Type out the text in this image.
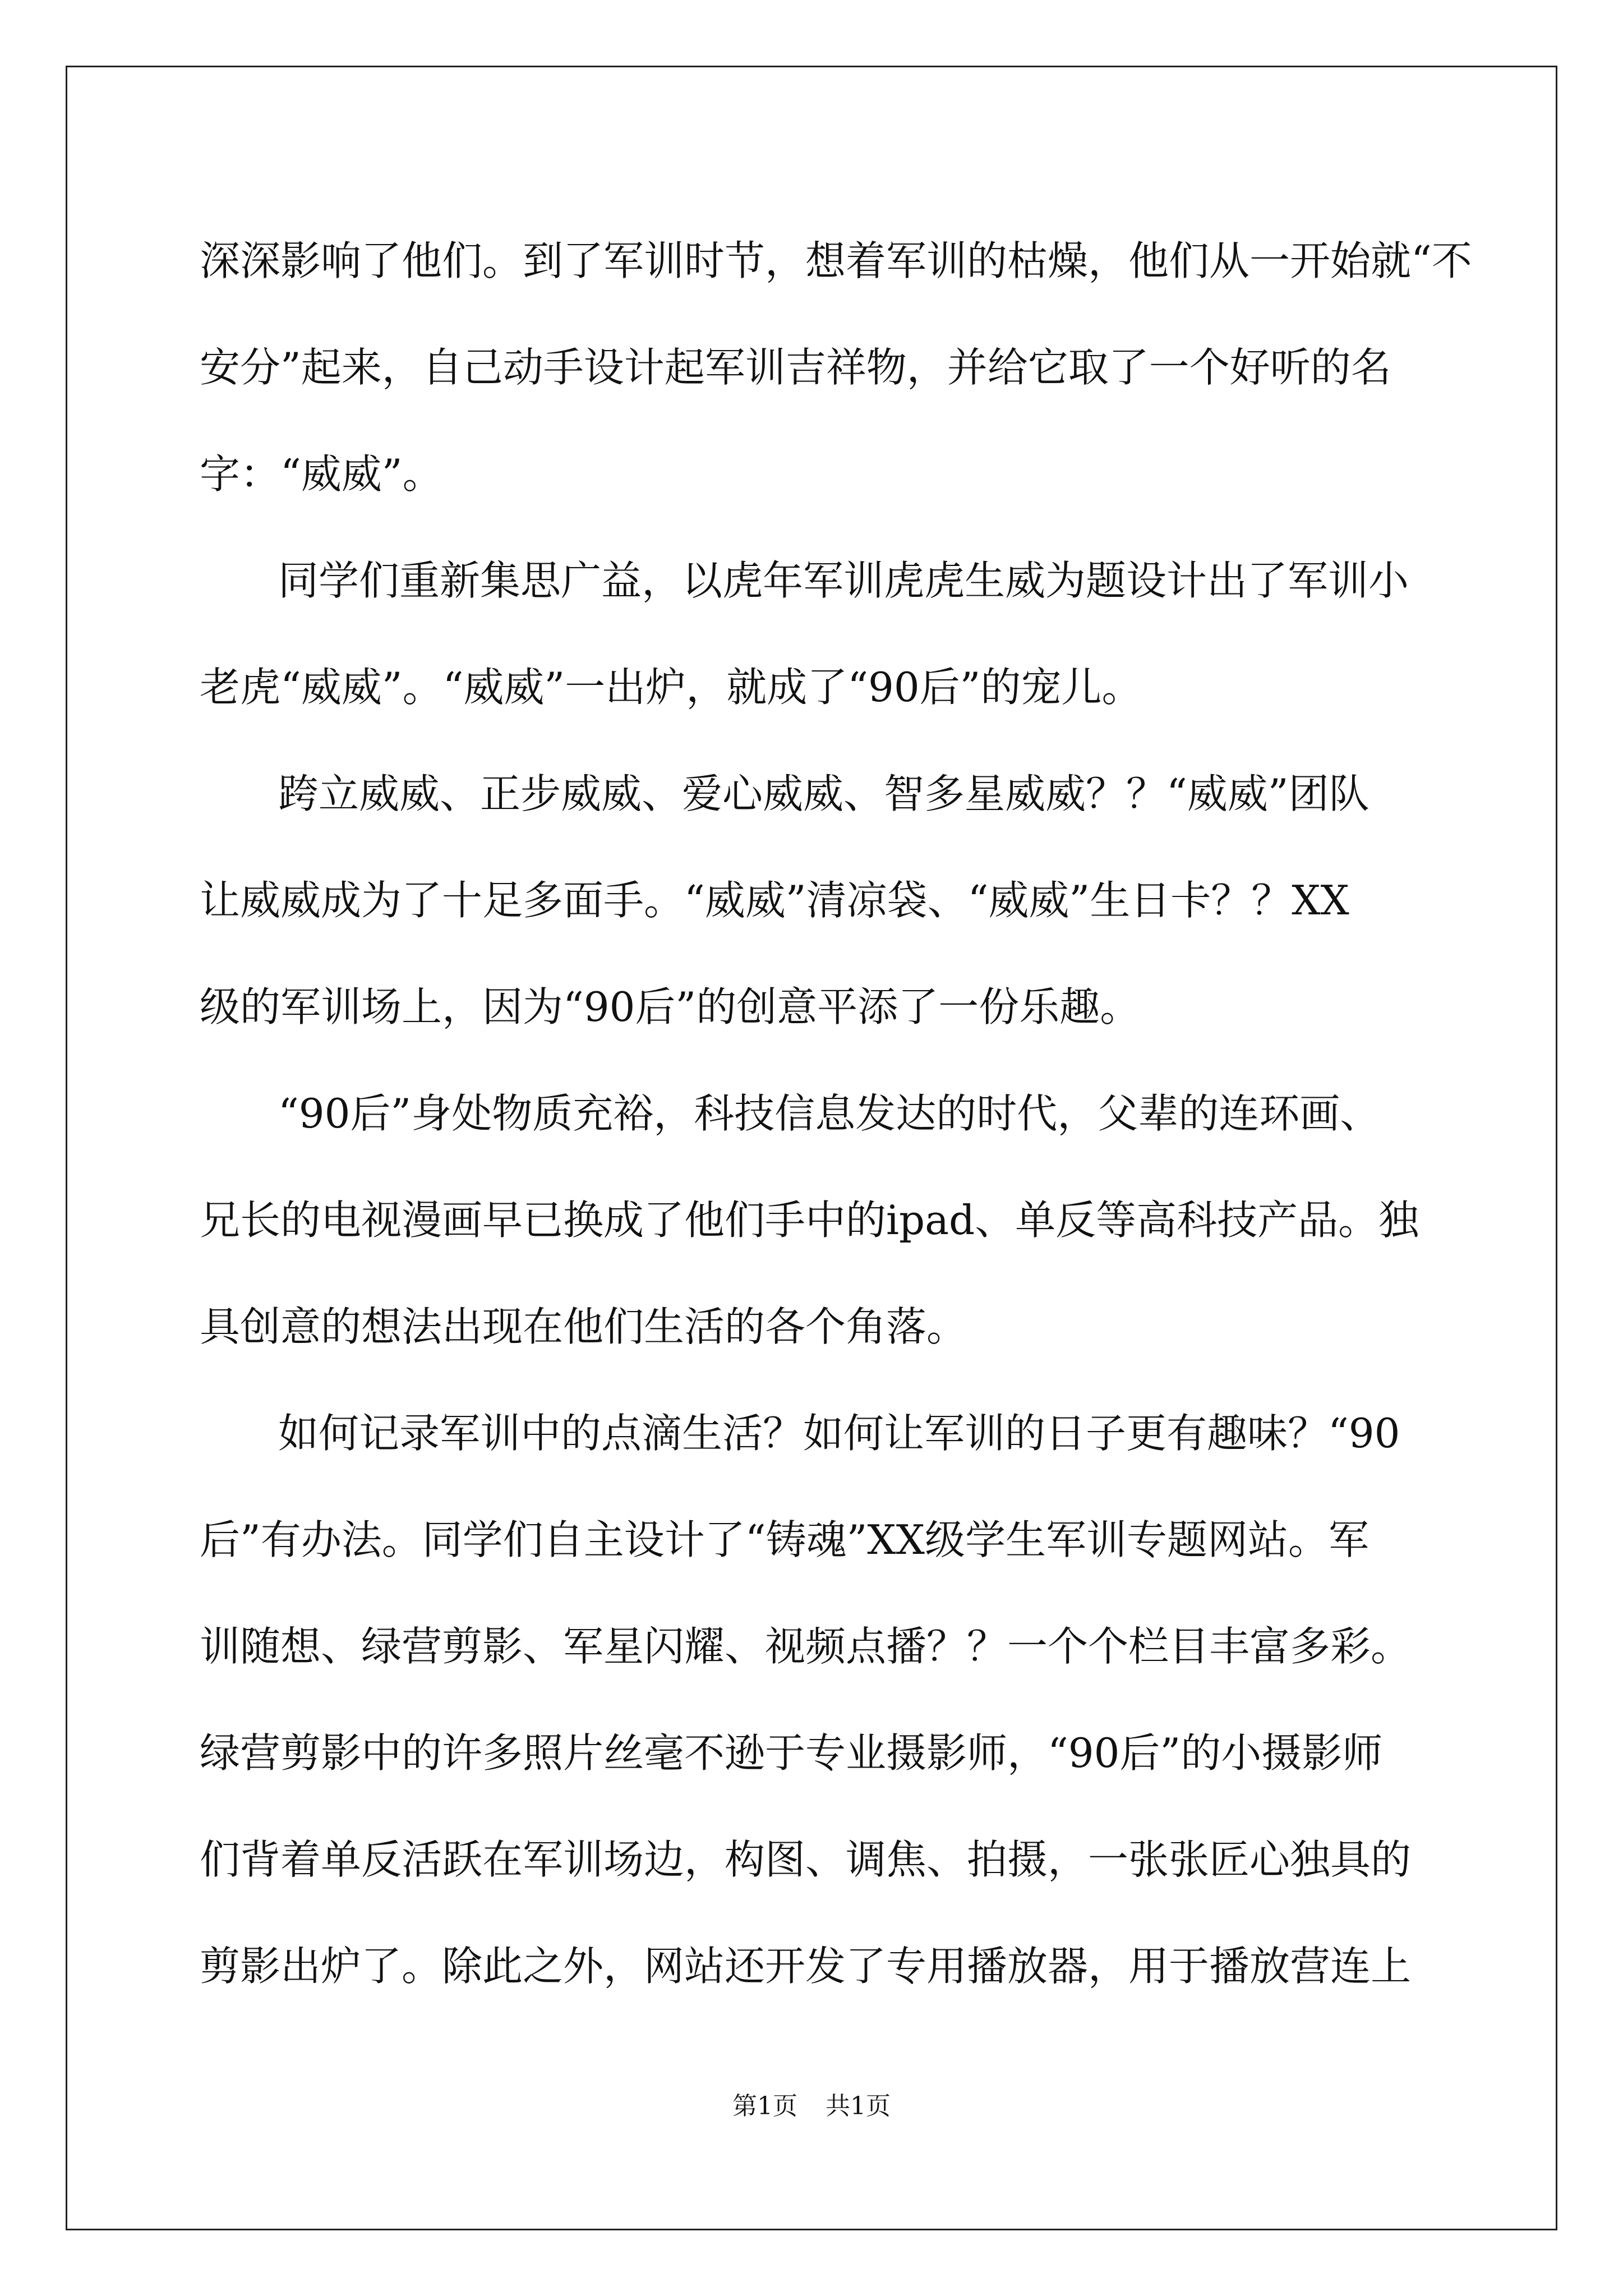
深深影响了他们。到了军训时节，想着军训的枯燥，他们从一开始就“不
安分”起来，自己动手设计起军训吉祥物，并给它取了一个好听的名
字：“威威”。
同学们重新集思广益，以虎年军训虎虎生威为题设计出了军训小
老虎“威威”。“威威”一出炉，就成了“90后”的宠儿。
跨立威威、正步威威、爱心威威、智多星威威？？“威威”团队
让威威成为了十足多面手。“威威”清凉袋、“威威”生日卡？？XX
级的军训场上，因为“90后”的创意平添了一份乐趣。
“90后”身处物质充裕，科技信息发达的时代，父辈的连环画、
兄长的电视漫画早已换成了他们手中的ipad、单反等高科技产品。独
具创意的想法出现在他们生活的各个角落。
如何记录军训中的点滴生活？如何让军训的日子更有趣味？“90
后”有办法。同学们自主设计了“铸魂”XX级学生军训专题网站。军
训随想、绿营剪影、军星闪耀、视频点播？？一个个栏目丰富多彩。
绿营剪影中的许多照片丝毫不逊于专业摄影师，“90后”的小摄影师
们背着单反活跃在军训场边，构图、调焦、拍摄，一张张匠心独具的
剪影出炉了。除此之外，网站还开发了专用播放器，用于播放营连上
第1页 共1页
